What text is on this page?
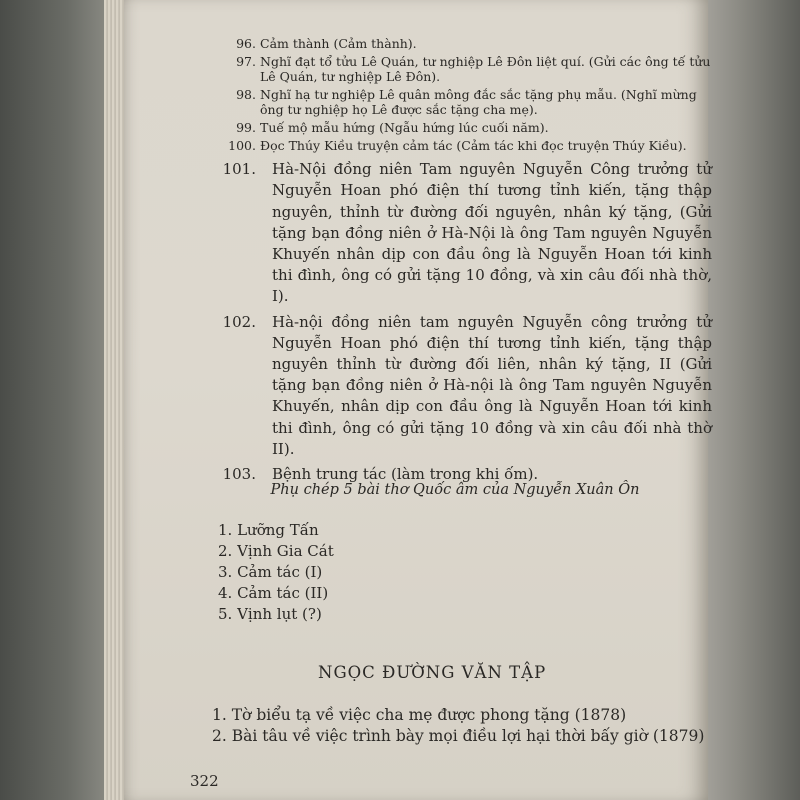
96. Cảm thành (Cảm thành).
97. Nghĩ đạt tổ tửu Lê Quán, tư nghiệp Lê Đôn liệt quí. (Gửi các ông tế tửu Lê Quán, tư nghiệp Lê Đôn).
98. Nghĩ hạ tư nghiệp Lê quân mông đắc sắc tặng phụ mẫu. (Nghĩ mừng ông tư nghiệp họ Lê được sắc tặng cha mẹ).
99. Tuế mộ mẫu hứng (Ngẫu hứng lúc cuối năm).
100. Đọc Thúy Kiều truyện cảm tác (Cảm tác khi đọc truyện Thúy Kiều).
101. Hà-Nội đồng niên Tam nguyên Nguyễn Công trưởng tử Nguyễn Hoan phó điện thí tương tỉnh kiến, tặng thập nguyên, thỉnh từ đường đối nguyên, nhân ký tặng, (Gửi tặng bạn đồng niên ở Hà-Nội là ông Tam nguyên Nguyễn Khuyến nhân dịp con đầu ông là Nguyễn Hoan tới kinh thi đình, ông có gửi tặng 10 đồng, và xin câu đối nhà thờ, I).
102. Hà-nội đồng niên tam nguyên Nguyễn công trưởng tử Nguyễn Hoan phó điện thí tương tỉnh kiến, tặng thập nguyên thỉnh từ đường đối liên, nhân ký tặng, II (Gửi tặng bạn đồng niên ở Hà-nội là ông Tam nguyên Nguyễn Khuyến, nhân dịp con đầu ông là Nguyễn Hoan tới kinh thi đình, ông có gửi tặng 10 đồng và xin câu đối nhà thờ II).
103. Bệnh trung tác (làm trong khi ốm).
Phụ chép 5 bài thơ Quốc âm của Nguyễn Xuân Ôn
1. Lưỡng Tấn
2. Vịnh Gia Cát
3. Cảm tác (I)
4. Cảm tác (II)
5. Vịnh lụt (?)
NGỌC ĐƯỜNG VĂN TẬP
1. Tờ biểu tạ về việc cha mẹ được phong tặng (1878)
2. Bài tâu về việc trình bày mọi điều lợi hại thời bấy giờ (1879)
322
